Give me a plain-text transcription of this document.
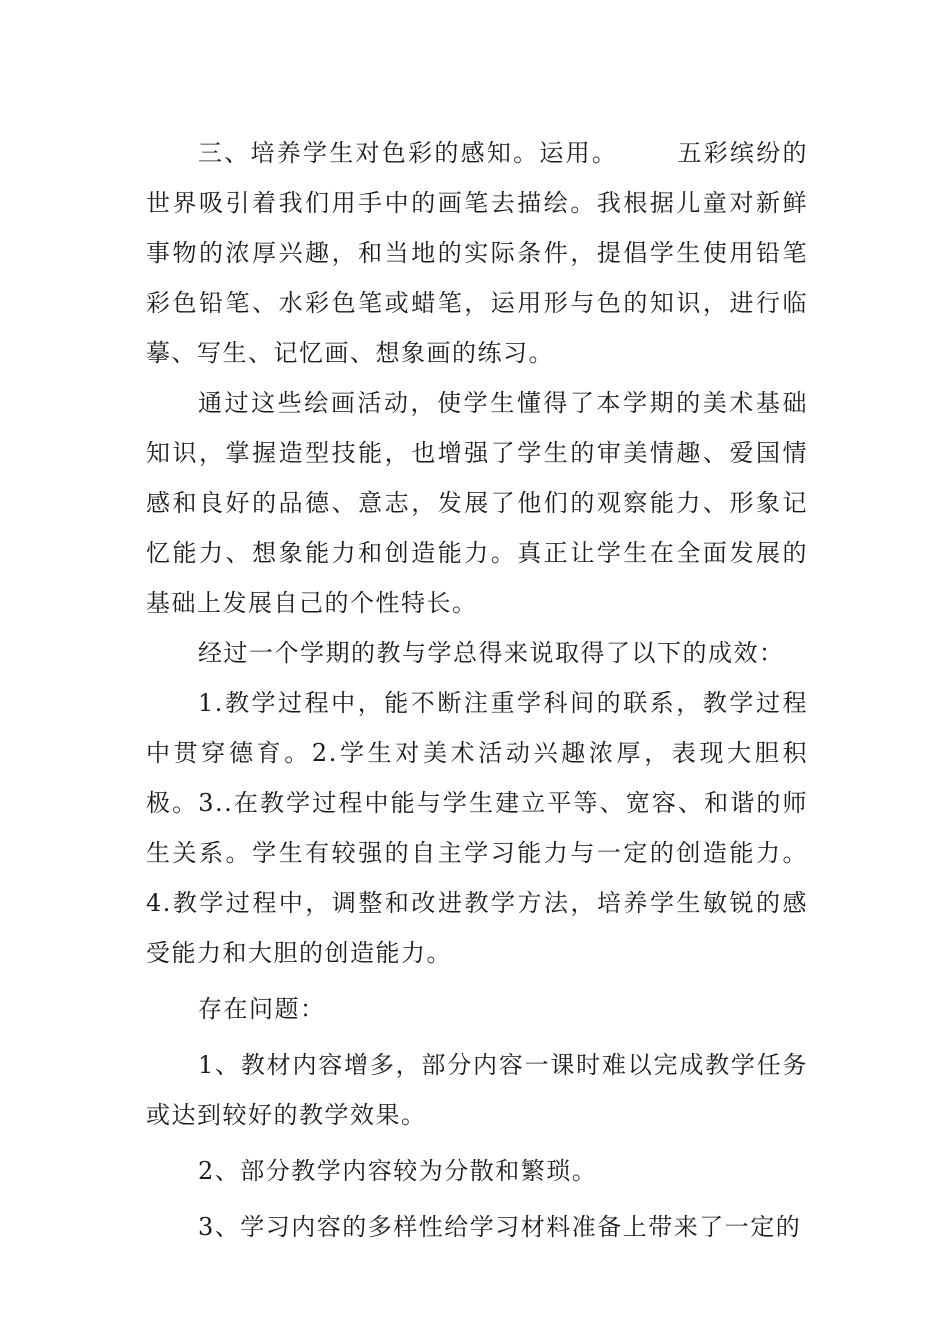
三、培养学生对色彩的感知。运用。      五彩缤纷的世界吸引着我们用手中的画笔去描绘。我根据儿童对新鲜事物的浓厚兴趣，和当地的实际条件，提倡学生使用铅笔彩色铅笔、水彩色笔或蜡笔，运用形与色的知识，进行临摹、写生、记忆画、想象画的练习。

通过这些绘画活动，使学生懂得了本学期的美术基础知识，掌握造型技能，也增强了学生的审美情趣、爱国情感和良好的品德、意志，发展了他们的观察能力、形象记忆能力、想象能力和创造能力。真正让学生在全面发展的基础上发展自己的个性特长。

经过一个学期的教与学总得来说取得了以下的成效：

1.教学过程中，能不断注重学科间的联系，教学过程中贯穿德育。2.学生对美术活动兴趣浓厚，表现大胆积极。3..在教学过程中能与学生建立平等、宽容、和谐的师生关系。学生有较强的自主学习能力与一定的创造能力。4.教学过程中，调整和改进教学方法，培养学生敏锐的感受能力和大胆的创造能力。

存在问题：

1、教材内容增多，部分内容一课时难以完成教学任务或达到较好的教学效果。

2、部分教学内容较为分散和繁琐。

3、学习内容的多样性给学习材料准备上带来了一定的
